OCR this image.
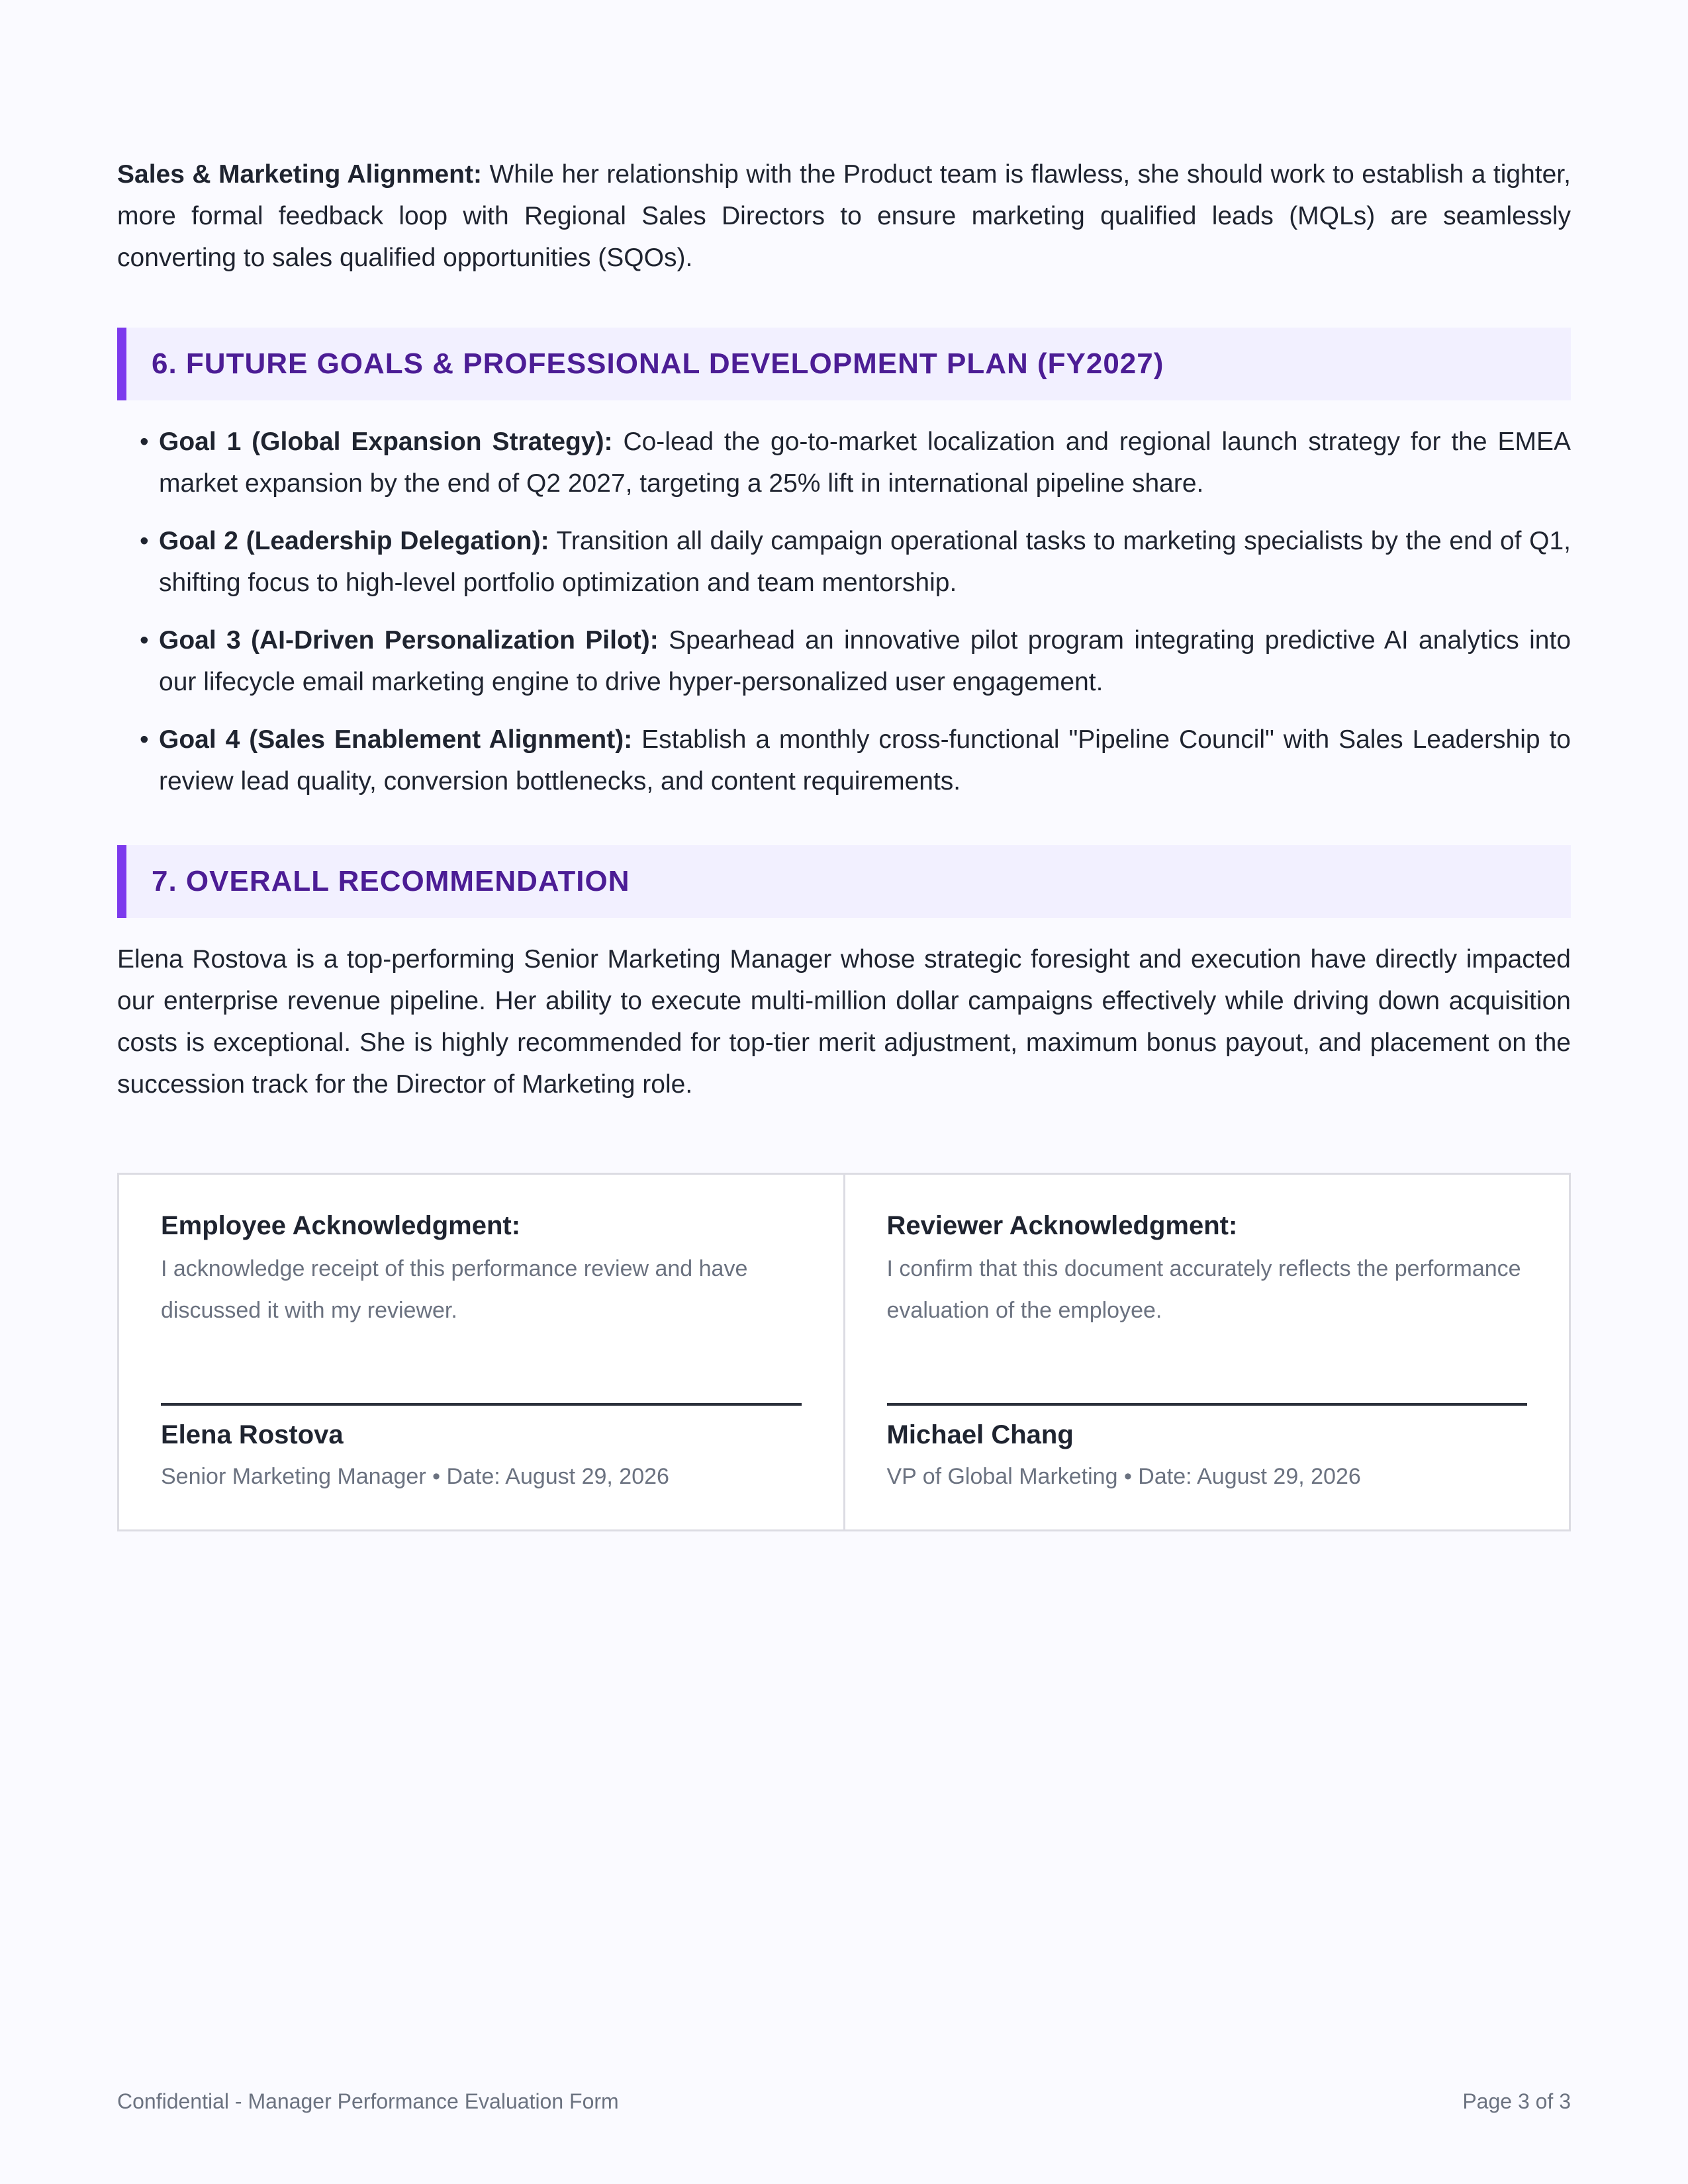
Sales & Marketing Alignment: While her relationship with the Product team is flawless, she should work to establish a tighter, more formal feedback loop with Regional Sales Directors to ensure marketing qualified leads (MQLs) are seamlessly converting to sales qualified opportunities (SQOs).

6. FUTURE GOALS & PROFESSIONAL DEVELOPMENT PLAN (FY2027)
• Goal 1 (Global Expansion Strategy): Co-lead the go-to-market localization and regional launch strategy for the EMEA market expansion by the end of Q2 2027, targeting a 25% lift in international pipeline share.
• Goal 2 (Leadership Delegation): Transition all daily campaign operational tasks to marketing specialists by the end of Q1, shifting focus to high-level portfolio optimization and team mentorship.
• Goal 3 (AI-Driven Personalization Pilot): Spearhead an innovative pilot program integrating predictive AI analytics into our lifecycle email marketing engine to drive hyper-personalized user engagement.
• Goal 4 (Sales Enablement Alignment): Establish a monthly cross-functional "Pipeline Council" with Sales Leadership to review lead quality, conversion bottlenecks, and content requirements.
7. OVERALL RECOMMENDATION

Elena Rostova is a top-performing Senior Marketing Manager whose strategic foresight and execution have directly impacted our enterprise revenue pipeline. Her ability to execute multi-million dollar campaigns effectively while driving down acquisition costs is exceptional. She is highly recommended for top-tier merit adjustment, maximum bonus payout, and placement on the succession track for the Director of Marketing role.

Employee Acknowledgment:

I acknowledge receipt of this performance review and have discussed it with my reviewer.

Elena Rostova
Senior Marketing Manager • Date: August 29, 2026

Reviewer Acknowledgment:

I confirm that this document accurately reflects the performance evaluation of the employee.

Michael Chang
VP of Global Marketing • Date: August 29, 2026
Confidential - Manager Performance Evaluation Form	Page 3 of 3
